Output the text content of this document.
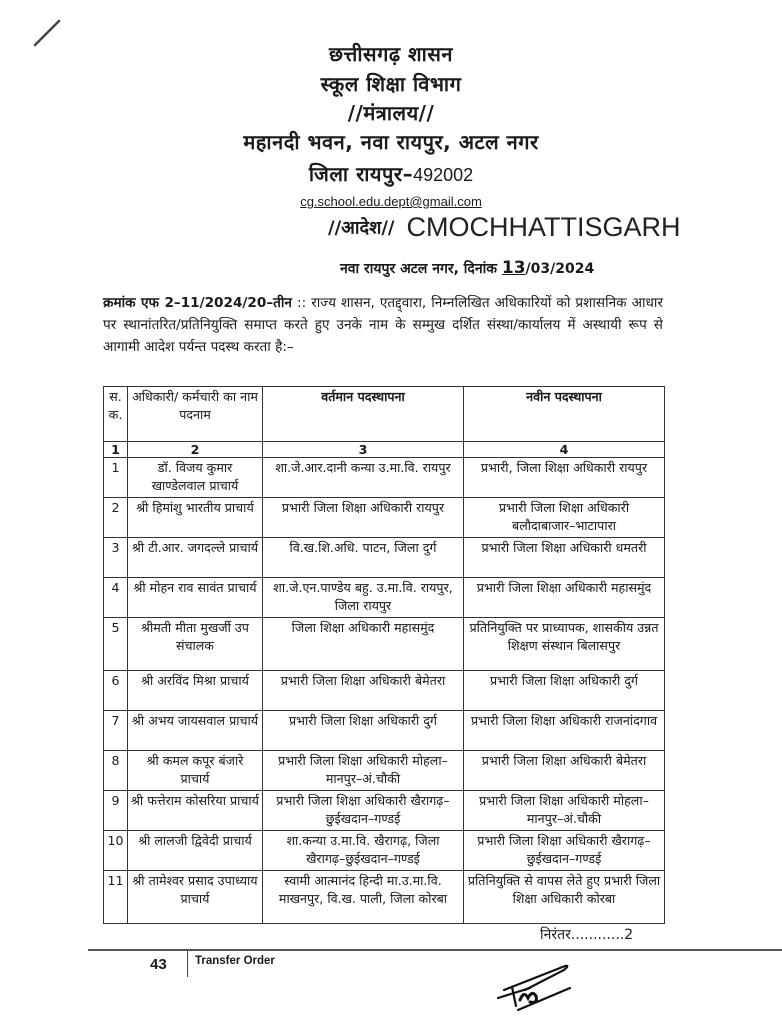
छत्तीसगढ़ शासन
स्कूल शिक्षा विभाग
//मंत्रालय//
महानदी भवन, नवा रायपुर, अटल नगर
जिला रायपुर–492002
cg.school.edu.dept@gmail.com
//आदेश// CMOCHHATTISGARH
नवा रायपुर अटल नगर, दिनांक 13/03/2024
क्रमांक एफ 2–11/2024/20–तीन :: राज्य शासन, एतद्द्वारा, निम्नलिखित अधिकारियों को प्रशासनिक आधार पर स्थानांतरित/प्रतिनियुक्ति समाप्त करते हुए उनके नाम के सम्मुख दर्शित संस्था/कार्यालय में अस्थायी रूप से आगामी आदेश पर्यन्त पदस्थ करता है:–
स. क.	अधिकारी/ कर्मचारी का नाम पदनाम	वर्तमान पदस्थापना	नवीन पदस्थापना
1	2	3	4
1	डॉ. विजय कुमार खाण्डेलवाल प्राचार्य	शा.जे.आर.दानी कन्या उ.मा.वि. रायपुर	प्रभारी, जिला शिक्षा अधिकारी रायपुर
2	श्री हिमांशु भारतीय प्राचार्य	प्रभारी जिला शिक्षा अधिकारी रायपुर	प्रभारी जिला शिक्षा अधिकारी बलौदाबाजार–भाटापारा
3	श्री टी.आर. जगदल्ले प्राचार्य	वि.ख.शि.अधि. पाटन, जिला दुर्ग	प्रभारी जिला शिक्षा अधिकारी धमतरी
4	श्री मोहन राव सावंत प्राचार्य	शा.जे.एन.पाण्डेय बहु. उ.मा.वि. रायपुर, जिला रायपुर	प्रभारी जिला शिक्षा अधिकारी महासमुंद
5	श्रीमती मीता मुखर्जी उप संचालक	जिला शिक्षा अधिकारी महासमुंद	प्रतिनियुक्ति पर प्राध्यापक, शासकीय उन्नत शिक्षण संस्थान बिलासपुर
6	श्री अरविंद मिश्रा प्राचार्य	प्रभारी जिला शिक्षा अधिकारी बेमेतरा	प्रभारी जिला शिक्षा अधिकारी दुर्ग
7	श्री अभय जायसवाल प्राचार्य	प्रभारी जिला शिक्षा अधिकारी दुर्ग	प्रभारी जिला शिक्षा अधिकारी राजनांदगाव
8	श्री कमल कपूर बंजारे प्राचार्य	प्रभारी जिला शिक्षा अधिकारी मोहला– मानपुर–अं.चौकी	प्रभारी जिला शिक्षा अधिकारी बेमेतरा
9	श्री फत्तेराम कोसरिया प्राचार्य	प्रभारी जिला शिक्षा अधिकारी खैरागढ़– छुईखदान–गण्डई	प्रभारी जिला शिक्षा अधिकारी मोहला– मानपुर–अं.चौकी
10	श्री लालजी द्विवेदी प्राचार्य	शा.कन्या उ.मा.वि. खैरागढ़, जिला खैरागढ़–छुईखदान–गण्डई	प्रभारी जिला शिक्षा अधिकारी खैरागढ़– छुईखदान–गण्डई
11	श्री तामेश्वर प्रसाद उपाध्याय प्राचार्य	स्वामी आत्मानंद हिन्दी मा.उ.मा.वि. माखनपुर, वि.ख. पाली, जिला कोरबा	प्रतिनियुक्ति से वापस लेते हुए प्रभारी जिला शिक्षा अधिकारी कोरबा
निरंतर............2
43 Transfer Order
